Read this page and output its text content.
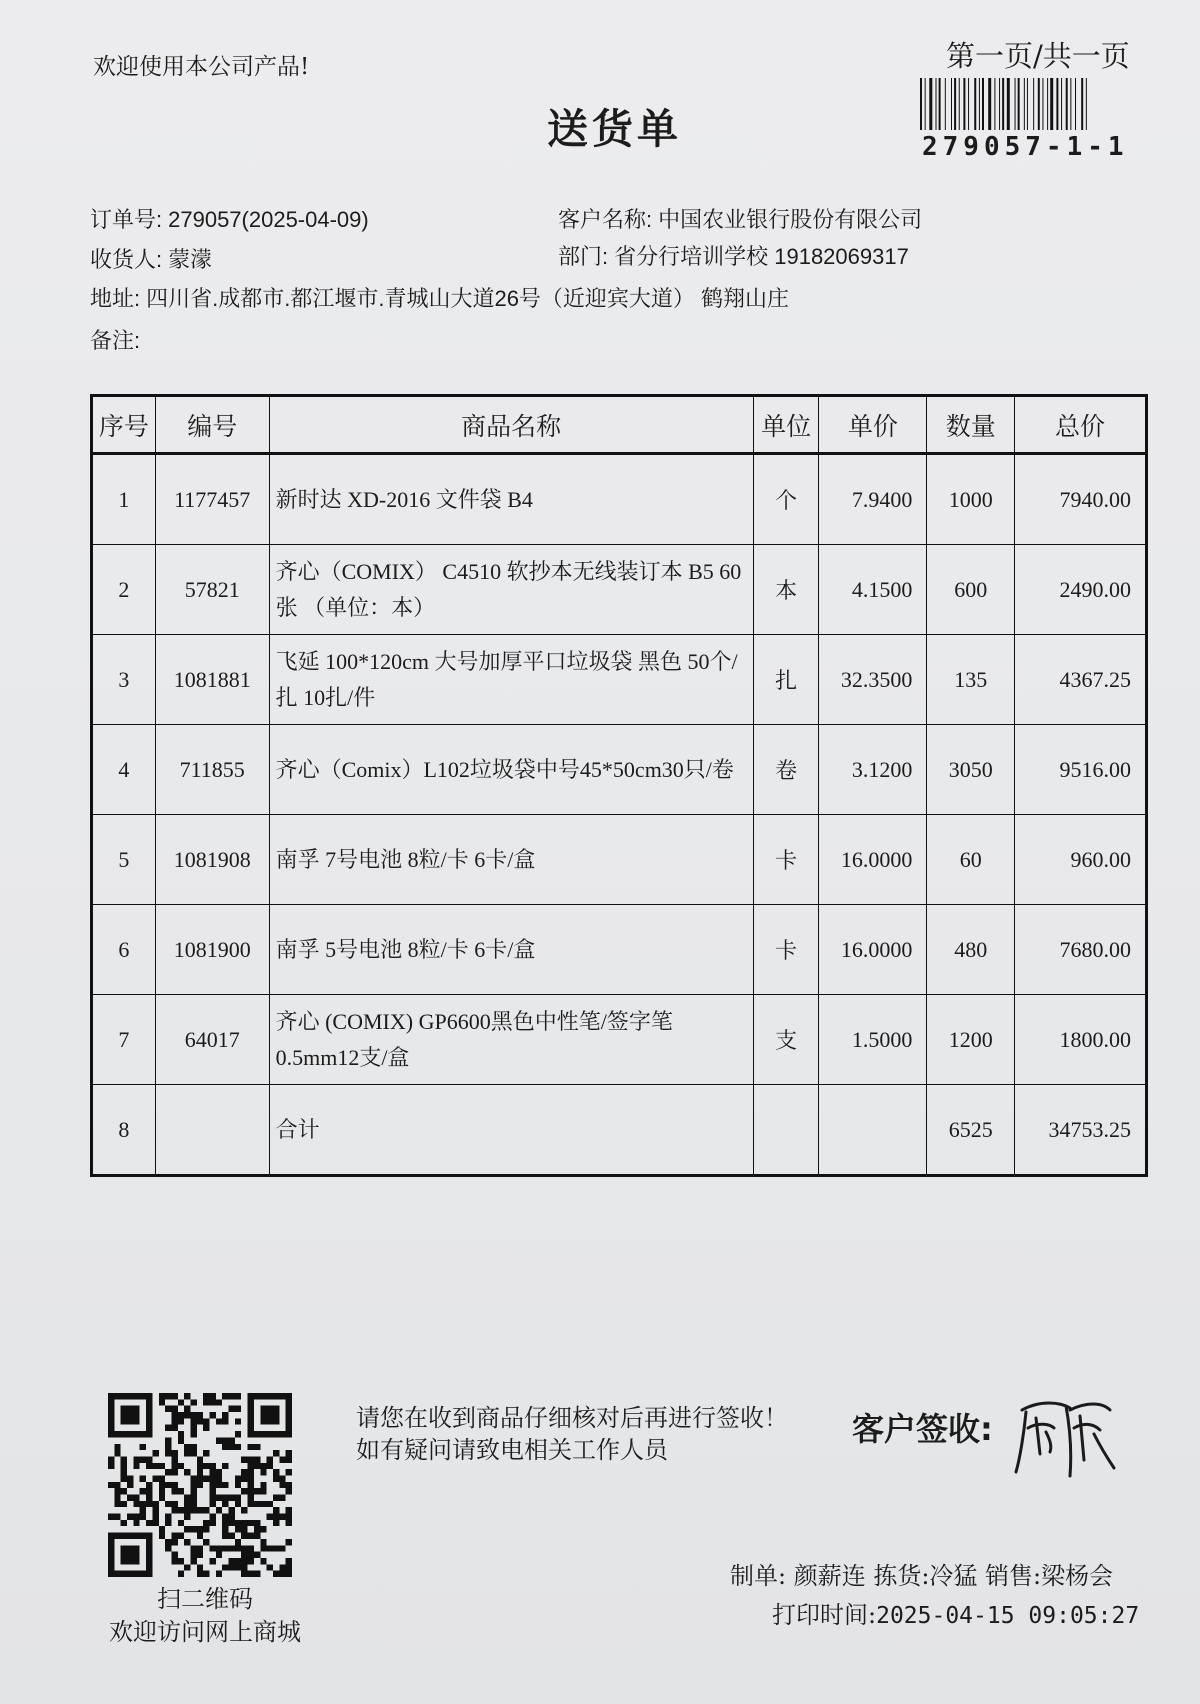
欢迎使用本公司产品!	第一页/共一页
279057-1-1
送货单
订单号: 279057(2025-04-09)	客户名称: 中国农业银行股份有限公司
收货人: 蒙濛	部门: 省分行培训学校 19182069317
地址: 四川省.成都市.都江堰市.青城山大道26号（近迎宾大道） 鹤翔山庄
备注:
序号	编号	商品名称	单位	单价	数量	总价
1	1177457	新时达 XD-2016 文件袋 B4	个	7.9400	1000	7940.00
2	57821	齐心（COMIX） C4510 软抄本无线装订本 B5 60张 （单位：本）	本	4.1500	600	2490.00
3	1081881	飞延 100*120cm 大号加厚平口垃圾袋 黑色 50个/扎 10扎/件	扎	32.3500	135	4367.25
4	711855	齐心（Comix）L102垃圾袋中号45*50cm30只/卷	卷	3.1200	3050	9516.00
5	1081908	南孚 7号电池 8粒/卡 6卡/盒	卡	16.0000	60	960.00
6	1081900	南孚 5号电池 8粒/卡 6卡/盒	卡	16.0000	480	7680.00
7	64017	齐心 (COMIX) GP6600黑色中性笔/签字笔 0.5mm12支/盒	支	1.5000	1200	1800.00
8		合计			6525	34753.25
扫二维码
欢迎访问网上商城
请您在收到商品仔细核对后再进行签收！如有疑问请致电相关工作人员
客户签收:
制单: 颜薪连 拣货:冷猛 销售:梁杨会
打印时间:2025-04-15 09:05:27
